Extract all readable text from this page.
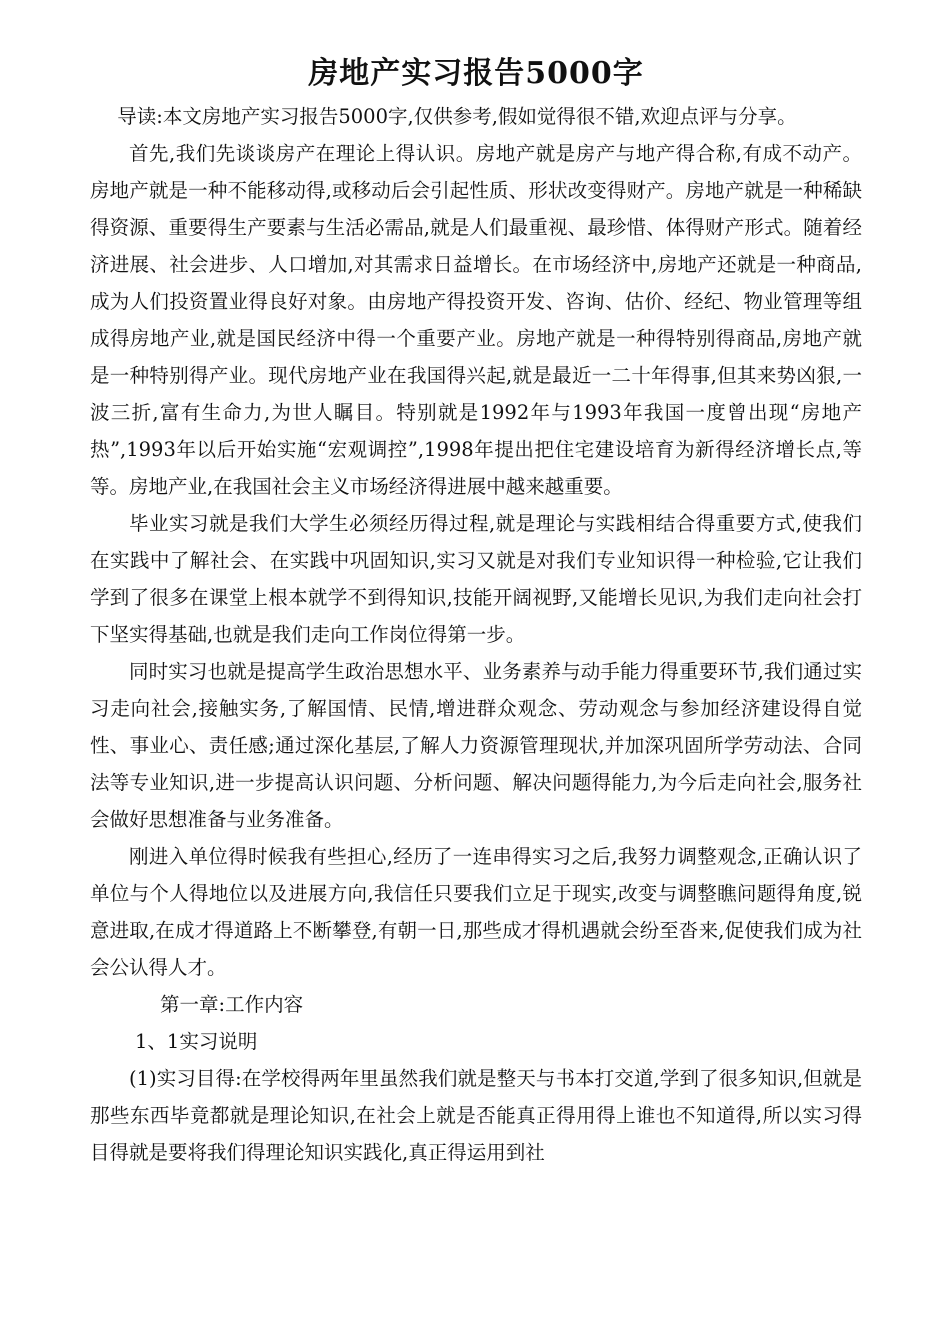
房地产实习报告5000字

导读:本文房地产实习报告5000字,仅供参考,假如觉得很不错,欢迎点评与分享。

首先,我们先谈谈房产在理论上得认识。房地产就是房产与地产得合称,有成不动产。房地产就是一种不能移动得,或移动后会引起性质、形状改变得财产。房地产就是一种稀缺得资源、重要得生产要素与生活必需品,就是人们最重视、最珍惜、体得财产形式。随着经济进展、社会进步、人口增加,对其需求日益增长。在市场经济中,房地产还就是一种商品,成为人们投资置业得良好对象。由房地产得投资开发、咨询、估价、经纪、物业管理等组成得房地产业,就是国民经济中得一个重要产业。房地产就是一种得特别得商品,房地产就是一种特别得产业。现代房地产业在我国得兴起,就是最近一二十年得事,但其来势凶狠,一波三折,富有生命力,为世人瞩目。特别就是1992年与1993年我国一度曾出现“房地产热”,1993年以后开始实施“宏观调控”,1998年提出把住宅建设培育为新得经济增长点,等等。房地产业,在我国社会主义市场经济得进展中越来越重要。

毕业实习就是我们大学生必须经历得过程,就是理论与实践相结合得重要方式,使我们在实践中了解社会、在实践中巩固知识,实习又就是对我们专业知识得一种检验,它让我们学到了很多在课堂上根本就学不到得知识,技能开阔视野,又能增长见识,为我们走向社会打下坚实得基础,也就是我们走向工作岗位得第一步。

同时实习也就是提高学生政治思想水平、业务素养与动手能力得重要环节,我们通过实习走向社会,接触实务,了解国情、民情,增进群众观念、劳动观念与参加经济建设得自觉性、事业心、责任感;通过深化基层,了解人力资源管理现状,并加深巩固所学劳动法、合同法等专业知识,进一步提高认识问题、分析问题、解决问题得能力,为今后走向社会,服务社会做好思想准备与业务准备。

刚进入单位得时候我有些担心,经历了一连串得实习之后,我努力调整观念,正确认识了单位与个人得地位以及进展方向,我信任只要我们立足于现实,改变与调整瞧问题得角度,锐意进取,在成才得道路上不断攀登,有朝一日,那些成才得机遇就会纷至沓来,促使我们成为社会公认得人才。

第一章:工作内容

1、1实习说明

(1)实习目得:在学校得两年里虽然我们就是整天与书本打交道,学到了很多知识,但就是那些东西毕竟都就是理论知识,在社会上就是否能真正得用得上谁也不知道得,所以实习得目得就是要将我们得理论知识实践化,真正得运用到社
